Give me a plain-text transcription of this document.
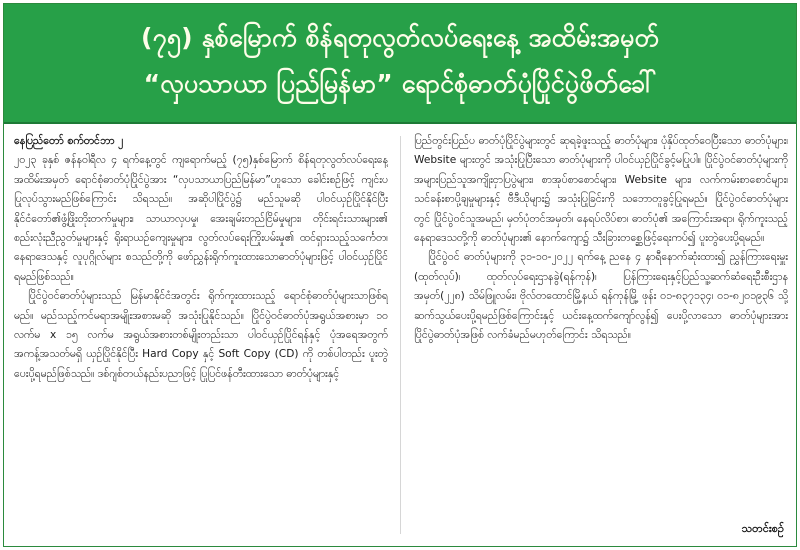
(၇၅) နှစ်မြောက် စိန်ရတုလွတ်လပ်ရေးနေ့ အထိမ်းအမှတ်
“လှပသာယာ ပြည်မြန်မာ” ရောင်စုံဓာတ်ပုံပြိုင်ပွဲဖိတ်ခေါ်

နေပြည်တော် စက်တင်ဘာ ၂

၂၀၂၃ ခုနှစ် ဇန်နဝါရီလ ၄ ရက်နေ့တွင် ကျရောက်မည့် (၇၅)နှစ်မြောက် စိန်ရတုလွတ်လပ်ရေးနေ့အထိမ်းအမှတ် ရောင်စုံဓာတ်ပုံပြိုင်ပွဲအား “လှပသာယာပြည်မြန်မာ”ဟူသော ခေါင်းစဉ်ဖြင့် ကျင်းပပြုလုပ်သွားမည်ဖြစ်ကြောင်း သိရသည်။ အဆိုပါပြိုင်ပွဲ၌ မည်သူမဆို ပါဝင်ယှဉ်ပြိုင်နိုင်ပြီး နိုင်ငံတော်၏ဖွံ့ဖြိုးတိုးတက်မှုများ၊ သာယာလှပမှု၊ အေးချမ်းတည်ငြိမ်မှုများ၊ တိုင်းရင်းသားများ၏ စည်းလုံးညီညွတ်မှုများနှင့် ရိုးရာယဉ်ကျေးမှုများ၊ လွတ်လပ်ရေးကြိုးပမ်းမှု၏ ထင်ရှားသည့်သင်္ကေတ၊ နေရာဒေသနှင့် လူပုဂ္ဂိုလ်များ စသည်တို့ကို ဖော်ညွှန်းရိုက်ကူးထားသောဓာတ်ပုံများဖြင့် ပါဝင်ယှဉ်ပြိုင်ရမည်ဖြစ်သည်။

ပြိုင်ပွဲဝင်ဓာတ်ပုံများသည် မြန်မာနိုင်ငံအတွင်း ရိုက်ကူးထားသည့် ရောင်စုံဓာတ်ပုံများသာဖြစ်ရမည်။ မည်သည့်ကင်မရာအမျိုးအစားမဆို အသုံးပြုနိုင်သည်။ ပြိုင်ပွဲဝင်ဓာတ်ပုံအရွယ်အစားမှာ ၁၀ လက်မ x ၁၅ လက်မ အရွယ်အစားတစ်မျိုးတည်းသာ ပါဝင်ယှဉ်ပြိုင်ရန်နှင့် ပုံအရေအတွက် အကန့်အသတ်မရှိ ယှဉ်ပြိုင်နိုင်ပြီး Hard Copy နှင့် Soft Copy (CD) ကို တစ်ပါတည်း ပူးတွဲပေးပို့ရမည်ဖြစ်သည်။ ဒစ်ဂျစ်တယ်နည်းပညာဖြင့် ပြုပြင်ဖန်တီးထားသော ဓာတ်ပုံများနှင့်

ပြည်တွင်းပြည်ပ ဓာတ်ပုံပြိုင်ပွဲများတွင် ဆုရခဲ့ဖူးသည့် ဓာတ်ပုံများ၊ ပုံနှိပ်ထုတ်ဝေပြီးသော ဓာတ်ပုံများ၊ Website များတွင် အသုံးပြုပြီးသော ဓာတ်ပုံများကို ပါဝင်ယှဉ်ပြိုင်ခွင့်မပြုပါ။ ပြိုင်ပွဲဝင်ဓာတ်ပုံများကို အများပြည်သူအကျိုးငှာပြပွဲများ၊ စာအုပ်စာစောင်များ၊ Website များ၊ လက်ကမ်းစာစောင်များ၊ သင်ခန်းစာပို့ချမှုများနှင့် ဗီဒီယိုများ၌ အသုံးပြုခြင်းကို သဘောတူခွင့်ပြုရမည်။ ပြိုင်ပွဲဝင်ဓာတ်ပုံများတွင် ပြိုင်ပွဲဝင်သူအမည်၊ မှတ်ပုံတင်အမှတ်၊ နေရပ်လိပ်စာ၊ ဓာတ်ပုံ၏ အကြောင်းအရာ၊ ရိုက်ကူးသည့် နေရာဒေသတို့ကို ဓာတ်ပုံများ၏ နောက်ကျော၌ သီးခြားတစ္ဆေဖြင့်ရေးကပ်၍ ပူးတွဲပေးပို့ရမည်။

ပြိုင်ပွဲဝင် ဓာတ်ပုံများကို ၃၁-၁၀-၂၀၂၂ ရက်နေ့ ညနေ ၄ နာရီနောက်ဆုံးထား၍ ညွှန်ကြားရေးမှူး (ထုတ်လုပ်)၊ ထုတ်လုပ်ရေးဌာနခွဲ(ရန်ကုန်)၊ ပြန်ကြားရေးနှင့်ပြည်သူ့ဆက်ဆံရေးဦးစီးဌာန အမှတ်(၂၂၈) သိမ်ဖြူလမ်း၊ ဗိုလ်တထောင်မြို့နယ် ရန်ကုန်မြို့ ဖုန်း ၀၁-၈၃၇၁၃၄၊ ၀၁-၈၂၀၁၉၃၆ သို့ ဆက်သွယ်ပေးပို့ရမည်ဖြစ်ကြောင်းနှင့် ယင်းနေ့ထက်ကျော်လွန်၍ ပေးပို့လာသော ဓာတ်ပုံများအား ပြိုင်ပွဲဓာတ်ပုံအဖြစ် လက်ခံမည်မဟုတ်ကြောင်း သိရသည်။

သတင်းစဉ်
